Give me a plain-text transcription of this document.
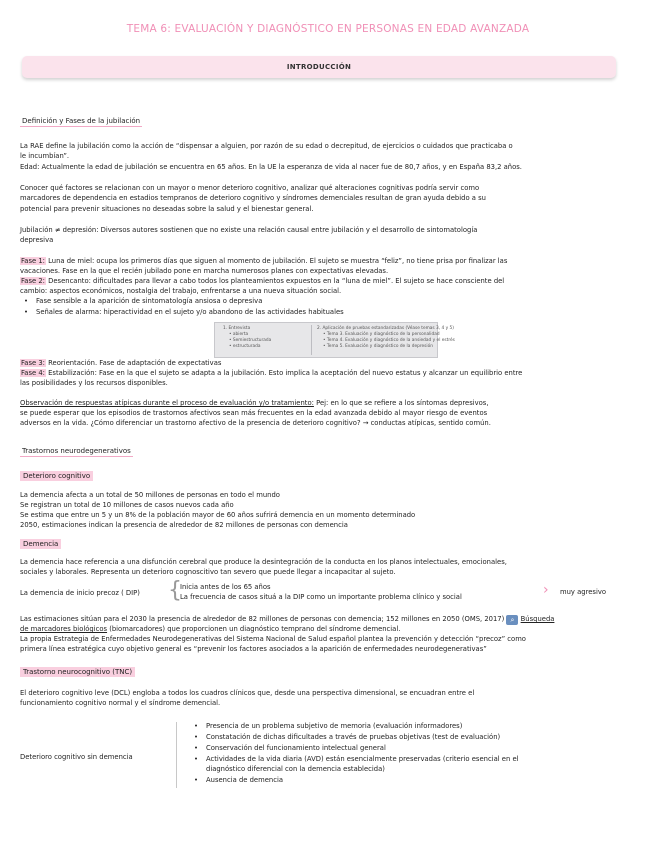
TEMA 6: EVALUACIÓN Y DIAGNÓSTICO EN PERSONAS EN EDAD AVANZADA
INTRODUCCIÓN
Definición y Fases de la jubilación
La RAE define la jubilación como la acción de “dispensar a alguien, por razón de su edad o decrepitud, de ejercicios o cuidados que practicaba o
le incumbían”.
Edad: Actualmente la edad de jubilación se encuentra en 65 años. En la UE la esperanza de vida al nacer fue de 80,7 años, y en España 83,2 años.
Conocer qué factores se relacionan con un mayor o menor deterioro cognitivo, analizar qué alteraciones cognitivas podría servir como
marcadores de dependencia en estadios tempranos de deterioro cognitivo y síndromes demenciales resultan de gran ayuda debido a su
potencial para prevenir situaciones no deseadas sobre la salud y el bienestar general.
Jubilación ≠ depresión: Diversos autores sostienen que no existe una relación causal entre jubilación y el desarrollo de sintomatología
depresiva
Fase 1: Luna de miel: ocupa los primeros días que siguen al momento de jubilación. El sujeto se muestra “feliz”, no tiene prisa por finalizar las
vacaciones. Fase en la que el recién jubilado pone en marcha numerosos planes con expectativas elevadas.
Fase 2: Desencanto: dificultades para llevar a cabo todos los planteamientos expuestos en la “luna de miel”. El sujeto se hace consciente del
cambio: aspectos económicos, nostalgia del trabajo, enfrentarse a una nueva situación social.
• Fase sensible a la aparición de sintomatología ansiosa o depresiva
• Señales de alarma: hiperactividad en el sujeto y/o abandono de las actividades habituales
1. Entrevista
• abierta
• Semiestructurada
• estructurada
2. Aplicación de pruebas estandarizadas (Véase temas 3, 4 y 5)
• Tema 3. Evaluación y diagnóstico de la personalidad
• Tema 4. Evaluación y diagnóstico de la ansiedad y el estrés
• Tema 5. Evaluación y diagnóstico de la depresión
Fase 3: Reorientación. Fase de adaptación de expectativas
Fase 4: Estabilización: Fase en la que el sujeto se adapta a la jubilación. Esto implica la aceptación del nuevo estatus y alcanzar un equilibrio entre
las posibilidades y los recursos disponibles.
Observación de respuestas atípicas durante el proceso de evaluación y/o tratamiento: Pej: en lo que se refiere a los síntomas depresivos,
se puede esperar que los episodios de trastornos afectivos sean más frecuentes en la edad avanzada debido al mayor riesgo de eventos
adversos en la vida. ¿Cómo diferenciar un trastorno afectivo de la presencia de deterioro cognitivo? → conductas atípicas, sentido común.
Trastornos neurodegenerativos
Deterioro cognitivo
La demencia afecta a un total de 50 millones de personas en todo el mundo
Se registran un total de 10 millones de casos nuevos cada año
Se estima que entre un 5 y un 8% de la población mayor de 60 años sufrirá demencia en un momento determinado
2050, estimaciones indican la presencia de alrededor de 82 millones de personas con demencia
Demencia
La demencia hace referencia a una disfunción cerebral que produce la desintegración de la conducta en los planos intelectuales, emocionales,
sociales y laborales. Representa un deterioro cognoscitivo tan severo que puede llegar a incapacitar al sujeto.
La demencia de inicio precoz ( DIP) {
Inicia antes de los 65 años
La frecuencia de casos situá a la DIP como un importante problema clínico y social	› muy agresivo
Las estimaciones sitúan para el 2030 la presencia de alrededor de 82 millones de personas con demencia; 152 millones en 2050 (OMS, 2017) ⌕ Búsqueda
de marcadores biológicos (biomarcadores) que proporcionen un diagnóstico temprano del síndrome demencial.
La propia Estrategia de Enfermedades Neurodegenerativas del Sistema Nacional de Salud español plantea la prevención y detección “precoz” como
primera línea estratégica cuyo objetivo general es “prevenir los factores asociados a la aparición de enfermedades neurodegenerativas”
Trastorno neurocognitivo (TNC)
El deterioro cognitivo leve (DCL) engloba a todos los cuadros clínicos que, desde una perspectiva dimensional, se encuadran entre el
funcionamiento cognitivo normal y el síndrome demencial.
Deterioro cognitivo sin demencia
• Presencia de un problema subjetivo de memoria (evaluación informadores)
• Constatación de dichas dificultades a través de pruebas objetivas (test de evaluación)
• Conservación del funcionamiento intelectual general
• Actividades de la vida diaria (AVD) están esencialmente preservadas (criterio esencial en el
diagnóstico diferencial con la demencia establecida)
• Ausencia de demencia
